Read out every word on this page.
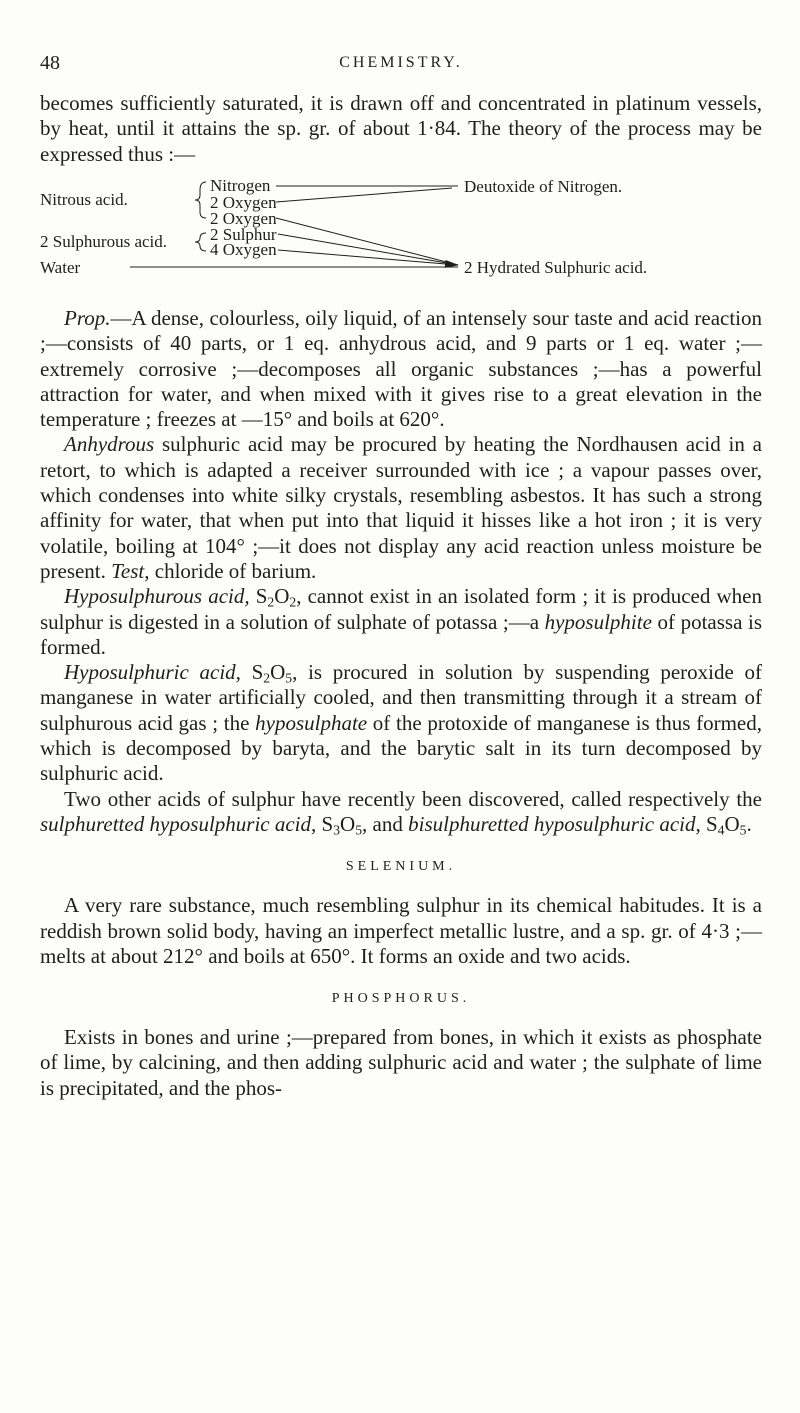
48	CHEMISTRY.

becomes sufficiently saturated, it is drawn off and concentrated in platinum vessels, by heat, until it attains the sp. gr. of about 1·84. The theory of the process may be expressed thus :—

Nitrous acid.
Nitrogen
2 Oxygen
2 Oxygen
2 Sulphurous acid.	2 Sulphur
4 Oxygen
Water
Deutoxide of Nitrogen.
2 Hydrated Sulphuric acid.

Prop.—A dense, colourless, oily liquid, of an intensely sour taste and acid reaction ;—consists of 40 parts, or 1 eq. anhydrous acid, and 9 parts or 1 eq. water ;—extremely corrosive ;—decomposes all organic substances ;—has a powerful attraction for water, and when mixed with it gives rise to a great elevation in the temperature ; freezes at —15° and boils at 620°.

Anhydrous sulphuric acid may be procured by heating the Nordhausen acid in a retort, to which is adapted a receiver surrounded with ice ; a vapour passes over, which condenses into white silky crystals, resembling asbestos. It has such a strong affinity for water, that when put into that liquid it hisses like a hot iron ; it is very volatile, boiling at 104° ;—it does not display any acid reaction unless moisture be present. Test, chloride of barium.

Hyposulphurous acid, $S_2O_2$, cannot exist in an isolated form ; it is produced when sulphur is digested in a solution of sulphate of potassa ;—a hyposulphite of potassa is formed.

Hyposulphuric acid, $S_2O_5$, is procured in solution by suspending peroxide of manganese in water artificially cooled, and then transmitting through it a stream of sulphurous acid gas ; the hyposulphate of the protoxide of manganese is thus formed, which is decomposed by baryta, and the barytic salt in its turn decomposed by sulphuric acid.

Two other acids of sulphur have recently been discovered, called respectively the sulphuretted hyposulphuric acid, $S_3O_5$, and bisulphuretted hyposulphuric acid, $S_4O_5$.

SELENIUM.

A very rare substance, much resembling sulphur in its chemical habitudes. It is a reddish brown solid body, having an imperfect metallic lustre, and a sp. gr. of 4·3 ;—melts at about 212° and boils at 650°. It forms an oxide and two acids.

PHOSPHORUS.

Exists in bones and urine ;—prepared from bones, in which it exists as phosphate of lime, by calcining, and then adding sulphuric acid and water ; the sulphate of lime is precipitated, and the phos-
